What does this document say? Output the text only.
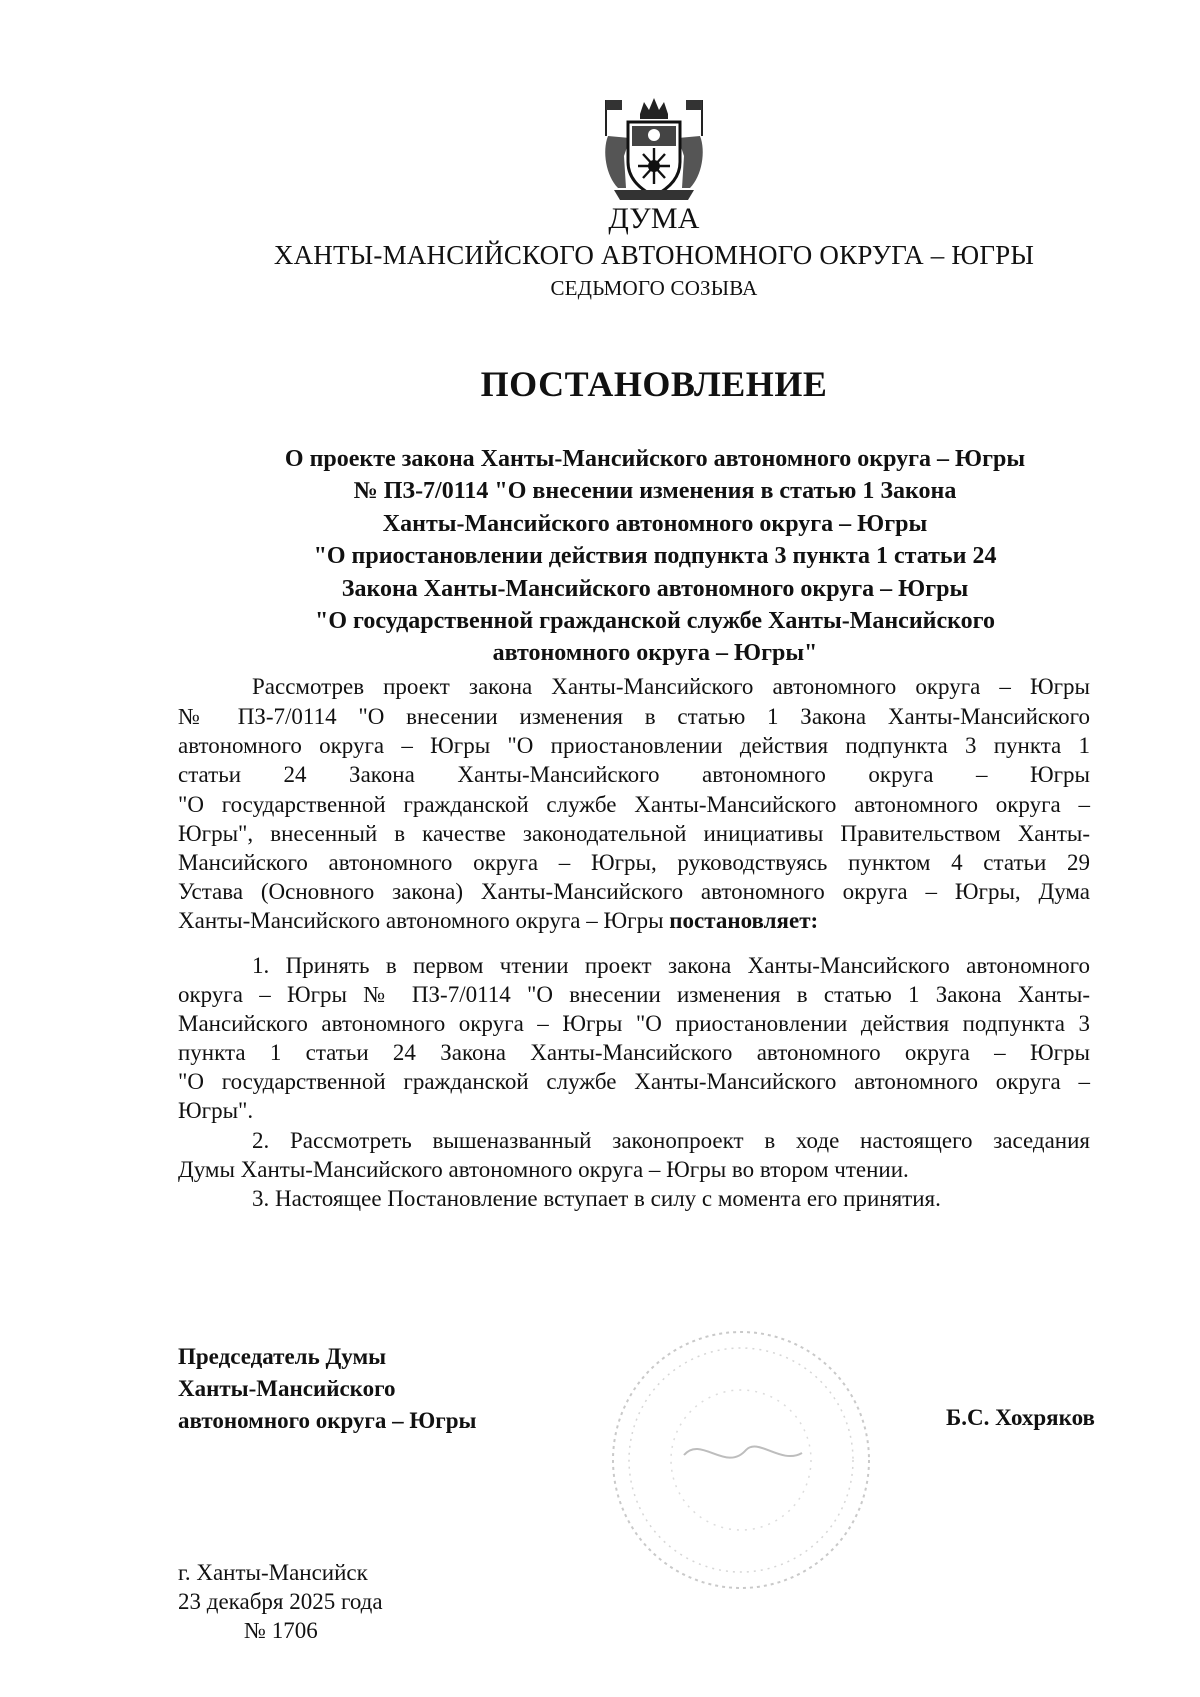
ДУМА
ХАНТЫ-МАНСИЙСКОГО АВТОНОМНОГО ОКРУГА – ЮГРЫ
СЕДЬМОГО СОЗЫВА
ПОСТАНОВЛЕНИЕ
О проекте закона Ханты-Мансийского автономного округа – Югры
№ ПЗ-7/0114 "О внесении изменения в статью 1 Закона
Ханты-Мансийского автономного округа – Югры
"О приостановлении действия подпункта 3 пункта 1 статьи 24
Закона Ханты-Мансийского автономного округа – Югры
"О государственной гражданской службе Ханты-Мансийского
автономного округа – Югры"
Рассмотрев проект закона Ханты-Мансийского автономного округа – Югры
№ ПЗ-7/0114 "О внесении изменения в статью 1 Закона Ханты-Мансийского
автономного округа – Югры "О приостановлении действия подпункта 3 пункта 1
статьи 24 Закона Ханты-Мансийского автономного округа – Югры
"О государственной гражданской службе Ханты-Мансийского автономного округа –
Югры", внесенный в качестве законодательной инициативы Правительством Ханты-
Мансийского автономного округа – Югры, руководствуясь пунктом 4 статьи 29
Устава (Основного закона) Ханты-Мансийского автономного округа – Югры, Дума
Ханты-Мансийского автономного округа – Югры постановляет:
1. Принять в первом чтении проект закона Ханты-Мансийского автономного
округа – Югры № ПЗ-7/0114 "О внесении изменения в статью 1 Закона Ханты-
Мансийского автономного округа – Югры "О приостановлении действия подпункта 3
пункта 1 статьи 24 Закона Ханты-Мансийского автономного округа – Югры
"О государственной гражданской службе Ханты-Мансийского автономного округа –
Югры".
2. Рассмотреть вышеназванный законопроект в ходе настоящего заседания
Думы Ханты-Мансийского автономного округа – Югры во втором чтении.
3. Настоящее Постановление вступает в силу с момента его принятия.
Председатель Думы
Ханты-Мансийского
автономного округа – Югры	Б.С. Хохряков
г. Ханты-Мансийск
23 декабря 2025 года
№ 1706
